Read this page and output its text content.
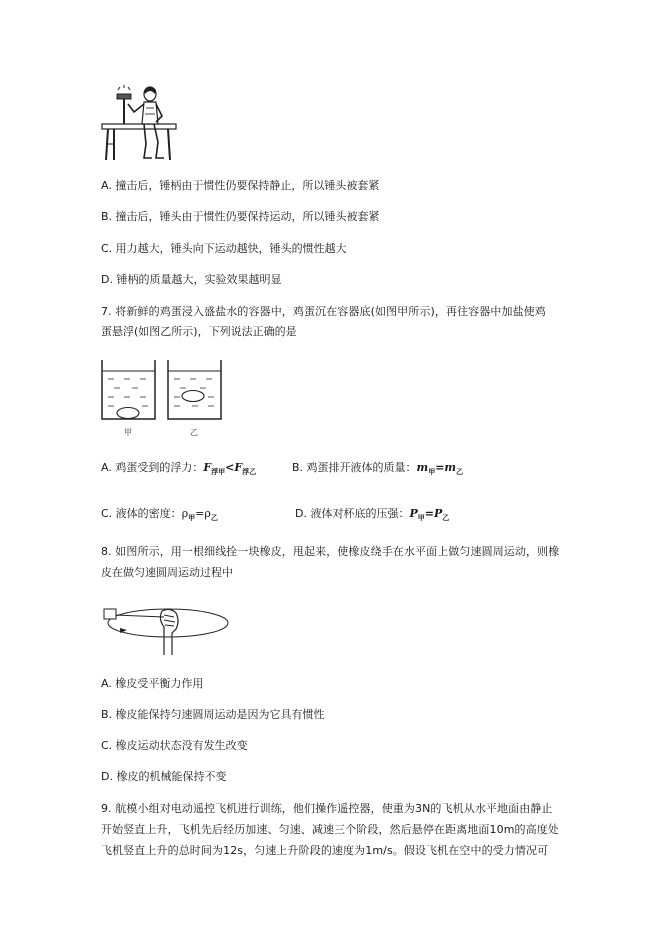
A. 撞击后，锤柄由于惯性仍要保持静止，所以锤头被套紧
B. 撞击后，锤头由于惯性仍要保持运动，所以锤头被套紧
C. 用力越大，锤头向下运动越快，锤头的惯性越大
D. 锤柄的质量越大，实验效果越明显
7. 将新鲜的鸡蛋浸入盛盐水的容器中，鸡蛋沉在容器底(如图甲所示)，再往容器中加盐使鸡
蛋悬浮(如图乙所示)，下列说法正确的是
甲	乙
A. 鸡蛋受到的浮力：$F_{浮甲}<F_{浮乙}$	B. 鸡蛋排开液体的质量：$m_甲=m_乙$
C. 液体的密度：$\rho_甲=\rho_乙$	D. 液体对杯底的压强：$P_甲=P_乙$
8. 如图所示，用一根细线拴一块橡皮，甩起来，使橡皮绕手在水平面上做匀速圆周运动，则橡
皮在做匀速圆周运动过程中
A. 橡皮受平衡力作用
B. 橡皮能保持匀速圆周运动是因为它具有惯性
C. 橡皮运动状态没有发生改变
D. 橡皮的机械能保持不变
9. 航模小组对电动遥控飞机进行训练，他们操作遥控器，使重为3N的飞机从水平地面由静止
开始竖直上升，飞机先后经历加速、匀速、减速三个阶段，然后悬停在距离地面10m的高度处
飞机竖直上升的总时间为12s，匀速上升阶段的速度为1m/s。假设飞机在空中的受力情况可
